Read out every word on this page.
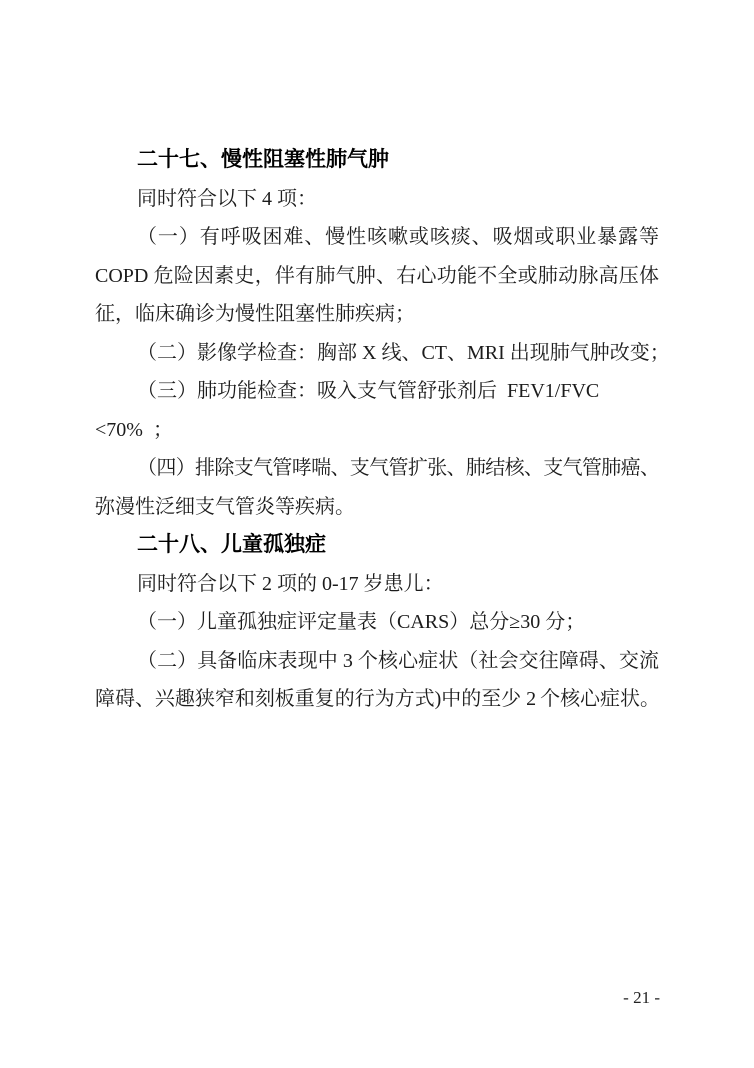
二十七、慢性阻塞性肺气肿
同时符合以下 4 项：
（一）有呼吸困难、慢性咳嗽或咳痰、吸烟或职业暴露等
COPD 危险因素史，伴有肺气肿、右心功能不全或肺动脉高压体
征，临床确诊为慢性阻塞性肺疾病；
（二）影像学检查：胸部 X 线、CT、MRI 出现肺气肿改变；
（三）肺功能检查：吸入支气管舒张剂后  FEV1/FVC
<70%  ；
（四）排除支气管哮喘、支气管扩张、肺结核、支气管肺癌、
弥漫性泛细支气管炎等疾病。
二十八、儿童孤独症
同时符合以下 2 项的 0-17 岁患儿：
（一）儿童孤独症评定量表（CARS）总分≥30 分；
（二）具备临床表现中 3 个核心症状（社会交往障碍、交流
障碍、兴趣狭窄和刻板重复的行为方式)中的至少 2 个核心症状。
- 21 -
